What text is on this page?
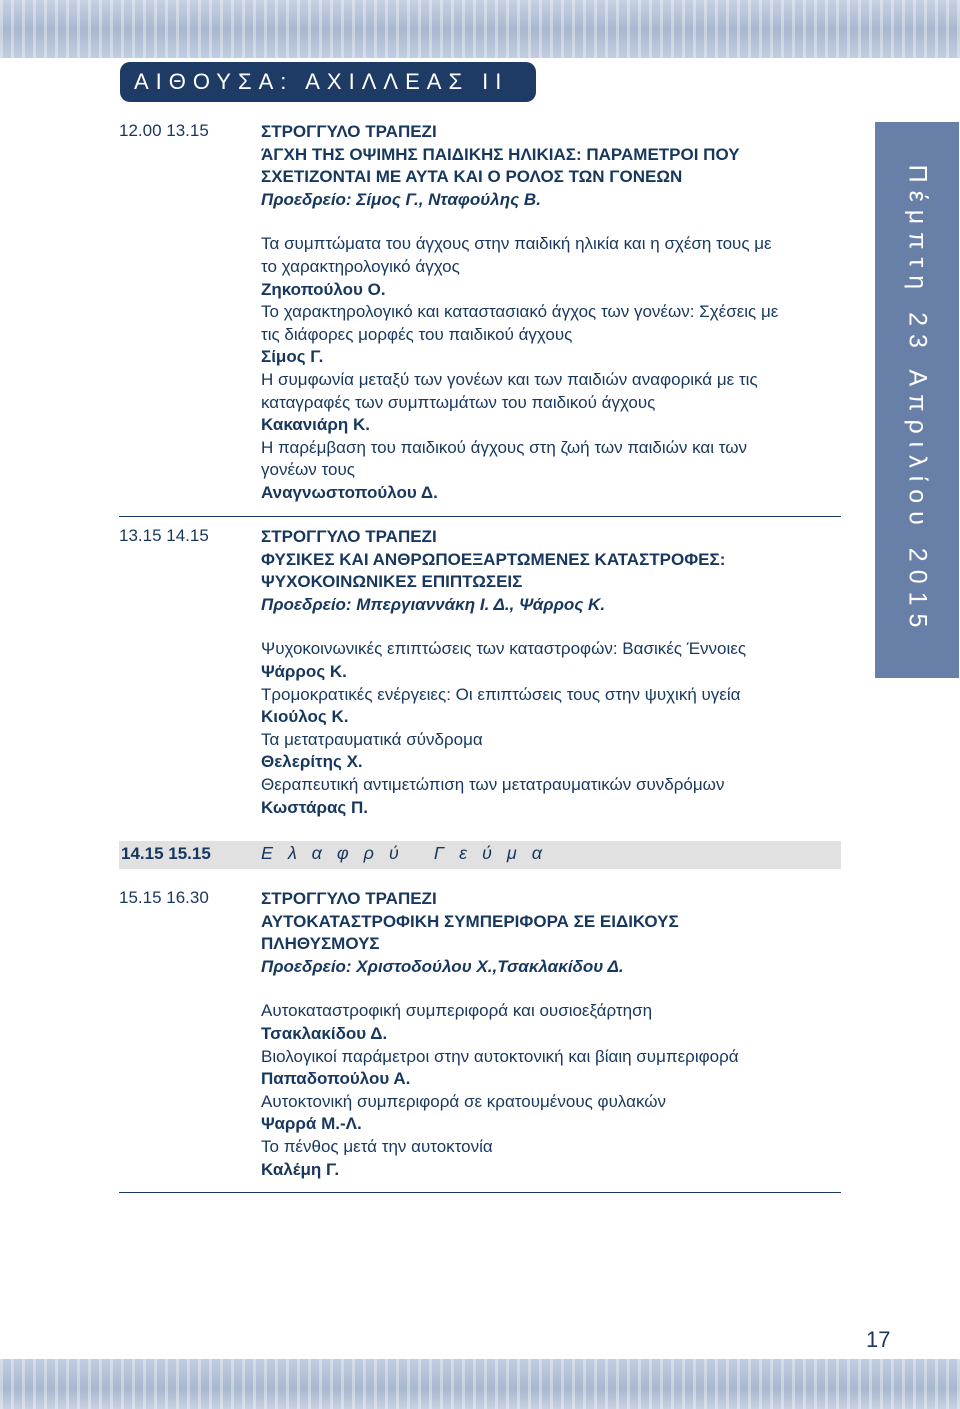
ΑΙΘΟΥΣΑ: ΑΧΙΛΛΕΑΣ ΙΙ
Πέμπτη 23 Απριλίου 2015
12.00 13.15	ΣΤΡΟΓΓΥΛΟ ΤΡΑΠΕΖΙ
ΆΓΧΗ ΤΗΣ ΟΨΙΜΗΣ ΠΑΙΔΙΚΗΣ ΗΛΙΚΙΑΣ: ΠΑΡΑΜΕΤΡΟΙ ΠΟΥ
ΣΧΕΤΙΖΟΝΤΑΙ ΜΕ ΑΥΤΑ ΚΑΙ Ο ΡΟΛΟΣ ΤΩΝ ΓΟΝΕΩΝ
Προεδρείο: Σίμος Γ., Νταφούλης Β.
Τα συμπτώματα του άγχους στην παιδική ηλικία και η σχέση τους με
το χαρακτηρολογικό άγχος
Ζηκοπούλου Ο.
Το χαρακτηρολογικό και καταστασιακό άγχος των γονέων: Σχέσεις με
τις διάφορες μορφές του παιδικού άγχους
Σίμος Γ.
Η συμφωνία μεταξύ των γονέων και των παιδιών αναφορικά με τις
καταγραφές των συμπτωμάτων του παιδικού άγχους
Κακανιάρη Κ.
Η παρέμβαση του παιδικού άγχους στη ζωή των παιδιών και των
γονέων τους
Αναγνωστοπούλου Δ.
13.15 14.15	ΣΤΡΟΓΓΥΛΟ ΤΡΑΠΕΖΙ
ΦΥΣΙΚΕΣ ΚΑΙ ΑΝΘΡΩΠΟΕΞΑΡΤΩΜΕΝΕΣ ΚΑΤΑΣΤΡΟΦΕΣ:
ΨΥΧΟΚΟΙΝΩΝΙΚΕΣ ΕΠΙΠΤΩΣΕΙΣ
Προεδρείο: Μπεργιαννάκη Ι. Δ., Ψάρρος Κ.
Ψυχοκοινωνικές επιπτώσεις των καταστροφών: Βασικές Έννοιες
Ψάρρος Κ.
Τρομοκρατικές ενέργειες: Οι επιπτώσεις τους στην ψυχική υγεία
Κιούλος Κ.
Τα μετατραυματικά σύνδρομα
Θελερίτης Χ.
Θεραπευτική αντιμετώπιση των μετατραυματικών συνδρόμων
Κωστάρας Π.
14.15 15.15	Ελαφρύ Γεύμα
15.15 16.30	ΣΤΡΟΓΓΥΛΟ ΤΡΑΠΕΖΙ
ΑΥΤΟΚΑΤΑΣΤΡΟΦΙΚΗ ΣΥΜΠΕΡΙΦΟΡΑ ΣΕ ΕΙΔΙΚΟΥΣ
ΠΛΗΘΥΣΜΟΥΣ
Προεδρείο: Χριστοδούλου Χ.,Τσακλακίδου Δ.
Αυτοκαταστροφική συμπεριφορά και ουσιοεξάρτηση
Τσακλακίδου Δ.
Βιολογικοί παράμετροι στην αυτοκτονική και βίαιη συμπεριφορά
Παπαδοπούλου Α.
Αυτοκτονική συμπεριφορά σε κρατουμένους φυλακών
Ψαρρά Μ.-Λ.
Το πένθος μετά την αυτοκτονία
Καλέμη Γ.
17
